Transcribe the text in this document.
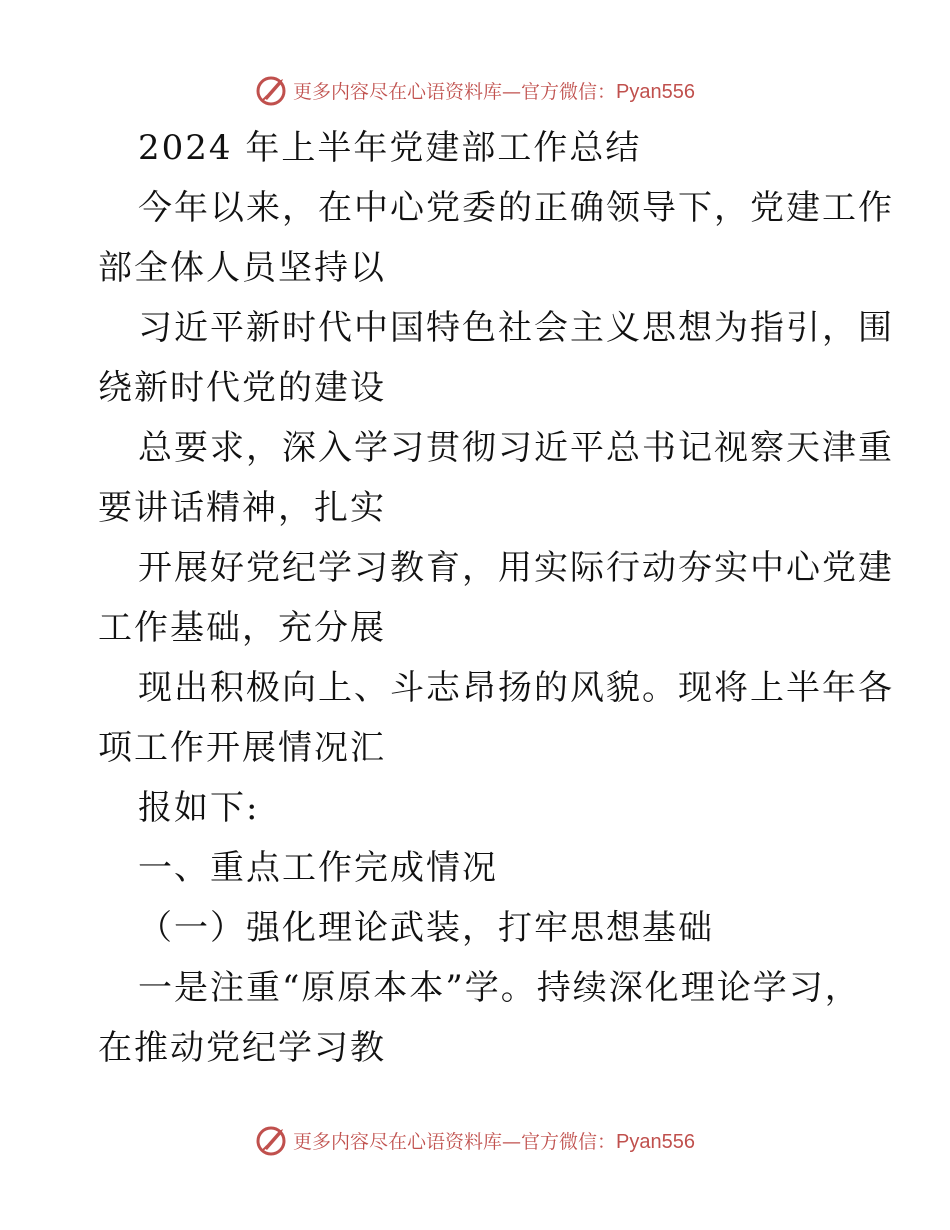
更多内容尽在心语资料库—官方微信：Pyan556
2024 年上半年党建部工作总结
今年以来，在中心党委的正确领导下，党建工作
部全体人员坚持以
习近平新时代中国特色社会主义思想为指引，围
绕新时代党的建设
总要求，深入学习贯彻习近平总书记视察天津重
要讲话精神，扎实
开展好党纪学习教育，用实际行动夯实中心党建
工作基础，充分展
现出积极向上、斗志昂扬的风貌。现将上半年各
项工作开展情况汇
报如下:
一、重点工作完成情况
（一）强化理论武装，打牢思想基础
一是注重“原原本本”学。持续深化理论学习，
在推动党纪学习教
更多内容尽在心语资料库—官方微信：Pyan556
